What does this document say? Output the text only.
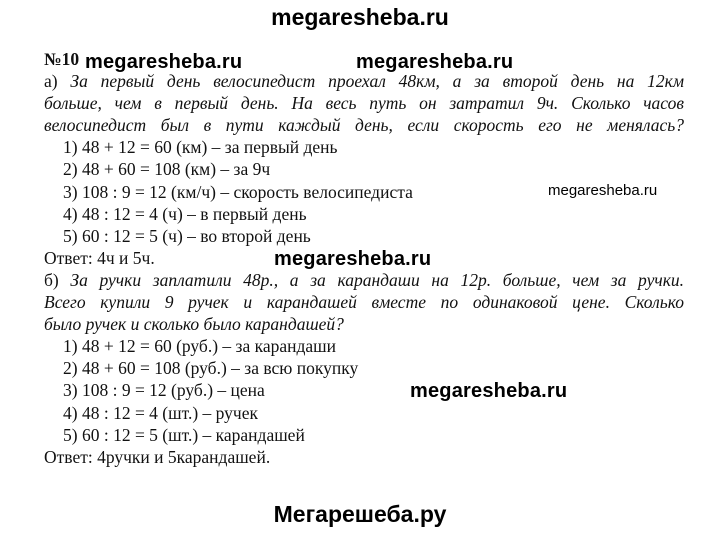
megaresheba.ru
№10
а) За первый день велосипедист проехал 48км, а за второй день на 12км
больше, чем в первый день. На весь путь он затратил 9ч. Сколько часов
велосипедист был в пути каждый день, если скорость его не менялась?
1) 48 + 12 = 60 (км) – за первый день
2) 48 + 60 = 108 (км) – за 9ч
3) 108 : 9 = 12 (км/ч) – скорость велосипедиста
4) 48 : 12 = 4 (ч) – в первый день
5) 60 : 12 = 5 (ч) – во второй день
Ответ: 4ч и 5ч.
б) За ручки заплатили 48р., а за карандаши на 12р. больше, чем за ручки.
Всего купили 9 ручек и карандашей вместе по одинаковой цене. Сколько
было ручек и сколько было карандашей?
1) 48 + 12 = 60 (руб.) – за карандаши
2) 48 + 60 = 108 (руб.) – за всю покупку
3) 108 : 9 = 12 (руб.) – цена
4) 48 : 12 = 4 (шт.) – ручек
5) 60 : 12 = 5 (шт.) – карандашей
Ответ: 4ручки и 5карандашей.
megaresheba.ru	megaresheba.ru
megaresheba.ru
megaresheba.ru
megaresheba.ru
Мегарешеба.ру
